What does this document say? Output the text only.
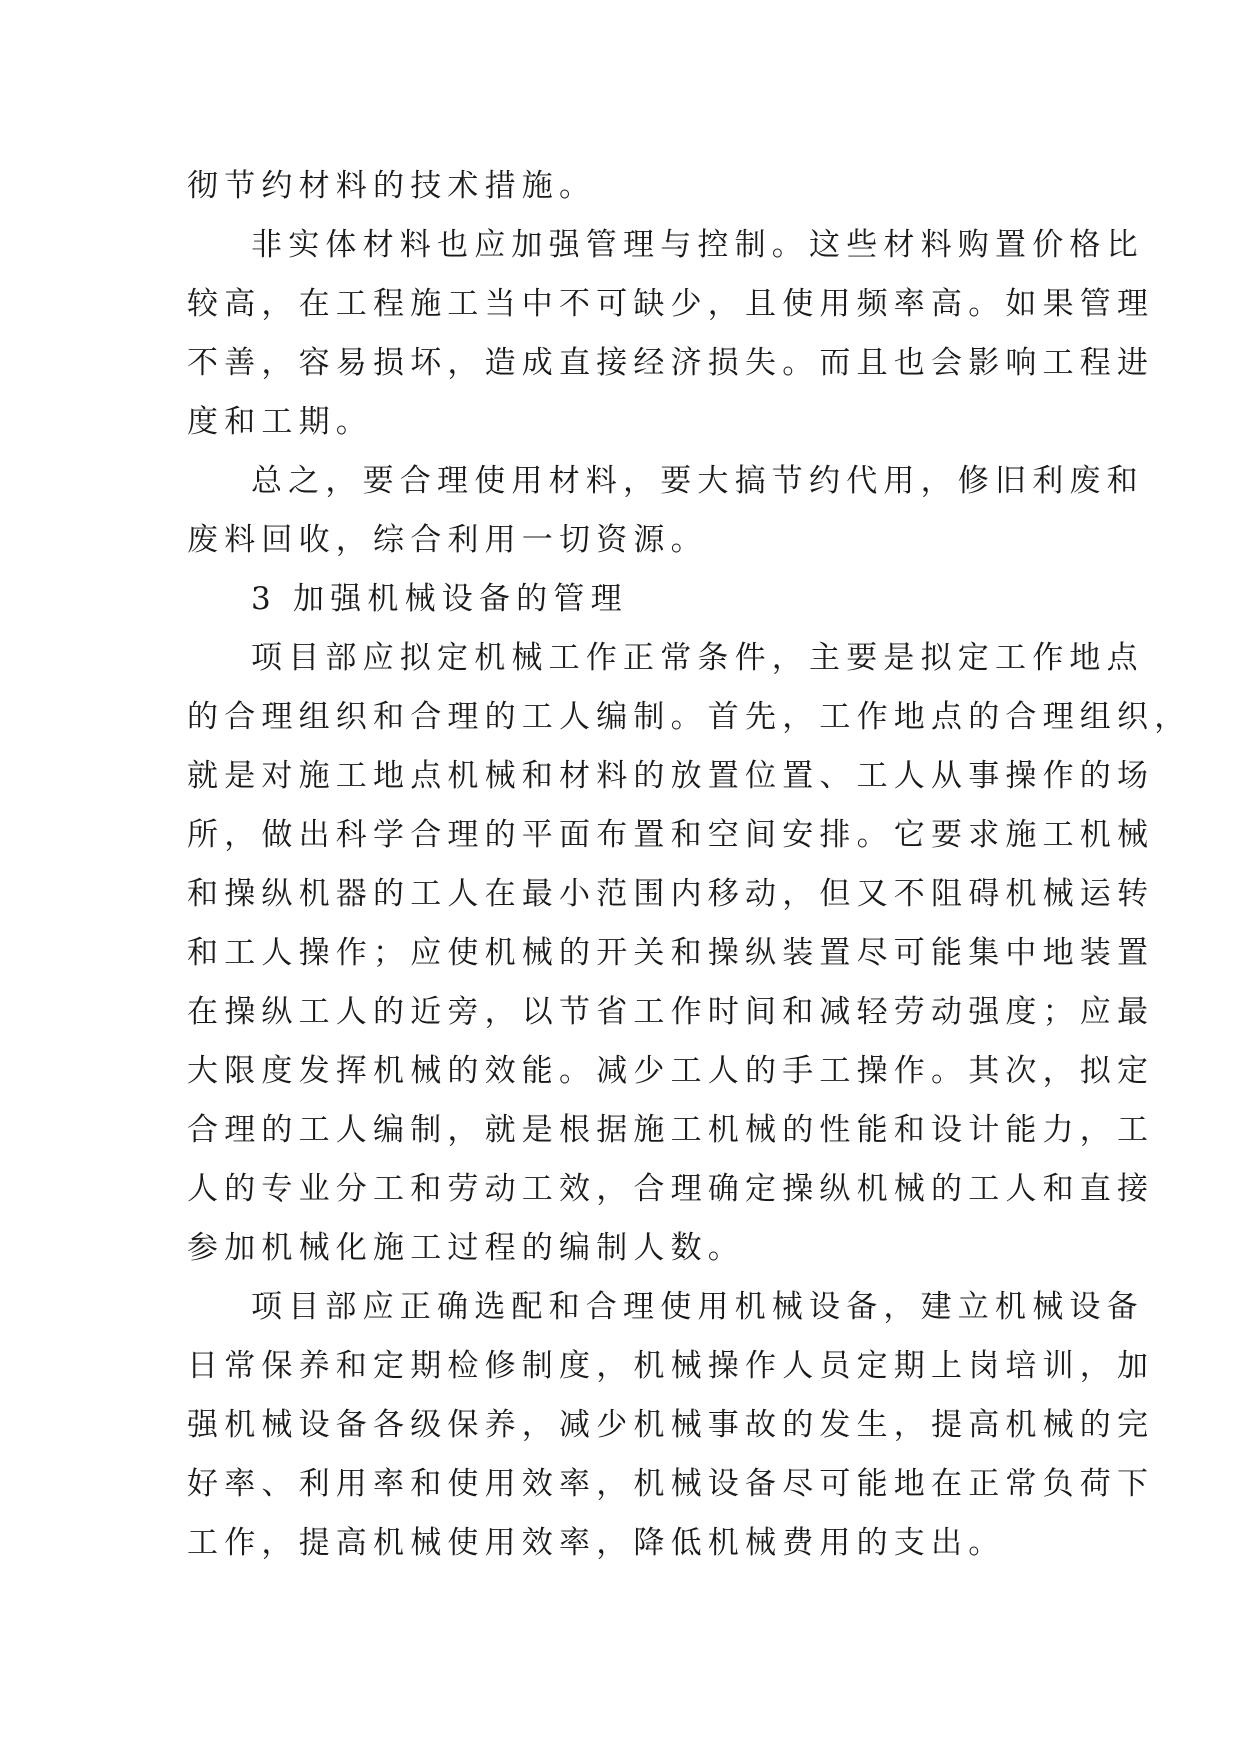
彻节约材料的技术措施。
非实体材料也应加强管理与控制。这些材料购置价格比
较高，在工程施工当中不可缺少，且使用频率高。如果管理
不善，容易损坏，造成直接经济损失。而且也会影响工程进
度和工期。
总之，要合理使用材料，要大搞节约代用，修旧利废和
废料回收，综合利用一切资源。
3 加强机械设备的管理
项目部应拟定机械工作正常条件，主要是拟定工作地点
的合理组织和合理的工人编制。首先，工作地点的合理组织，
就是对施工地点机械和材料的放置位置、工人从事操作的场
所，做出科学合理的平面布置和空间安排。它要求施工机械
和操纵机器的工人在最小范围内移动，但又不阻碍机械运转
和工人操作；应使机械的开关和操纵装置尽可能集中地装置
在操纵工人的近旁，以节省工作时间和减轻劳动强度；应最
大限度发挥机械的效能。减少工人的手工操作。其次，拟定
合理的工人编制，就是根据施工机械的性能和设计能力，工
人的专业分工和劳动工效，合理确定操纵机械的工人和直接
参加机械化施工过程的编制人数。
项目部应正确选配和合理使用机械设备，建立机械设备
日常保养和定期检修制度，机械操作人员定期上岗培训，加
强机械设备各级保养，减少机械事故的发生，提高机械的完
好率、利用率和使用效率，机械设备尽可能地在正常负荷下
工作，提高机械使用效率，降低机械费用的支出。
